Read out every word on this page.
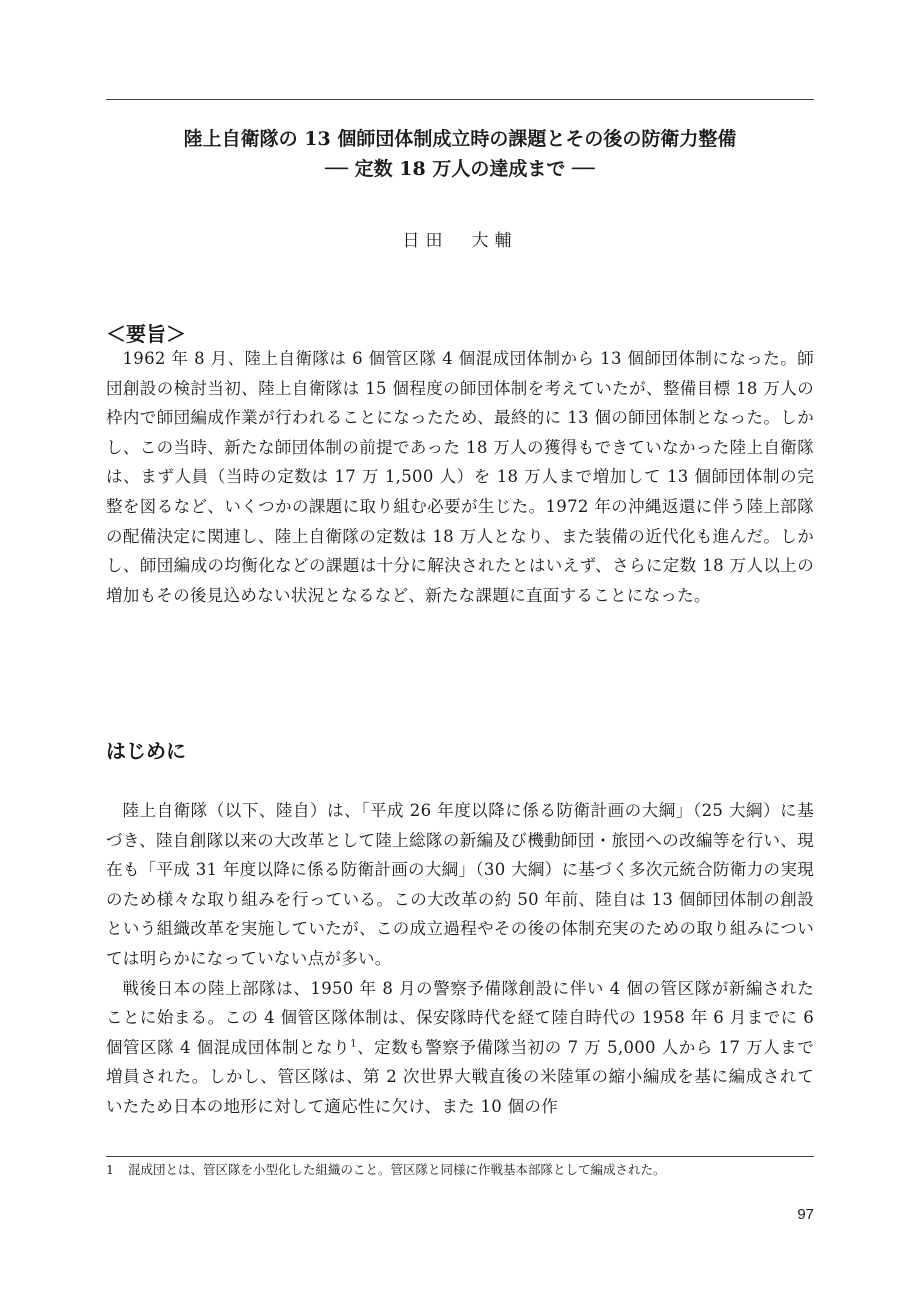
陸上自衛隊の 13 個師団体制成立時の課題とその後の防衛力整備
── 定数 18 万人の達成まで ──
日田　大輔
＜要旨＞

1962 年 8 月、陸上自衛隊は 6 個管区隊 4 個混成団体制から 13 個師団体制になった。師団創設の検討当初、陸上自衛隊は 15 個程度の師団体制を考えていたが、整備目標 18 万人の枠内で師団編成作業が行われることになったため、最終的に 13 個の師団体制となった。しかし、この当時、新たな師団体制の前提であった 18 万人の獲得もできていなかった陸上自衛隊は、まず人員（当時の定数は 17 万 1,500 人）を 18 万人まで増加して 13 個師団体制の完整を図るなど、いくつかの課題に取り組む必要が生じた。1972 年の沖縄返還に伴う陸上部隊の配備決定に関連し、陸上自衛隊の定数は 18 万人となり、また装備の近代化も進んだ。しかし、師団編成の均衡化などの課題は十分に解決されたとはいえず、さらに定数 18 万人以上の増加もその後見込めない状況となるなど、新たな課題に直面することになった。

はじめに

陸上自衛隊（以下、陸自）は、「平成 26 年度以降に係る防衛計画の大綱」（25 大綱）に基づき、陸自創隊以来の大改革として陸上総隊の新編及び機動師団・旅団への改編等を行い、現在も「平成 31 年度以降に係る防衛計画の大綱」（30 大綱）に基づく多次元統合防衛力の実現のため様々な取り組みを行っている。この大改革の約 50 年前、陸自は 13 個師団体制の創設という組織改革を実施していたが、この成立過程やその後の体制充実のための取り組みについては明らかになっていない点が多い。

戦後日本の陸上部隊は、1950 年 8 月の警察予備隊創設に伴い 4 個の管区隊が新編されたことに始まる。この 4 個管区隊体制は、保安隊時代を経て陸自時代の 1958 年 6 月までに 6 個管区隊 4 個混成団体制となり$^1$、定数も警察予備隊当初の 7 万 5,000 人から 17 万人まで増員された。しかし、管区隊は、第 2 次世界大戦直後の米陸軍の縮小編成を基に編成されていたため日本の地形に対して適応性に欠け、また 10 個の作

1 混成団とは、管区隊を小型化した組織のこと。管区隊と同様に作戦基本部隊として編成された。
97
